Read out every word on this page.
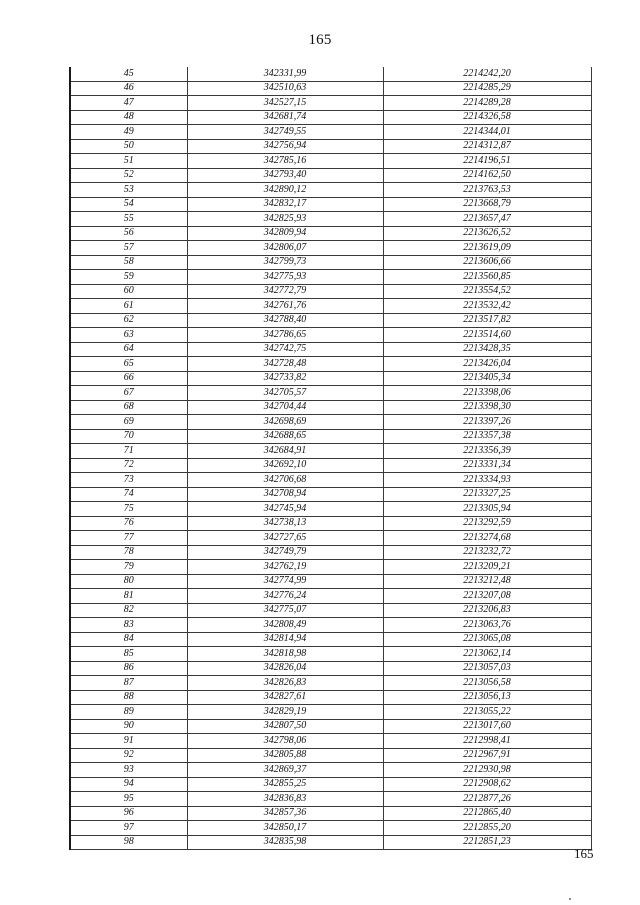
165
45	342331,99	2214242,20
46	342510,63	2214285,29
47	342527,15	2214289,28
48	342681,74	2214326,58
49	342749,55	2214344,01
50	342756,94	2214312,87
51	342785,16	2214196,51
52	342793,40	2214162,50
53	342890,12	2213763,53
54	342832,17	2213668,79
55	342825,93	2213657,47
56	342809,94	2213626,52
57	342806,07	2213619,09
58	342799,73	2213606,66
59	342775,93	2213560,85
60	342772,79	2213554,52
61	342761,76	2213532,42
62	342788,40	2213517,82
63	342786,65	2213514,60
64	342742,75	2213428,35
65	342728,48	2213426,04
66	342733,82	2213405,34
67	342705,57	2213398,06
68	342704,44	2213398,30
69	342698,69	2213397,26
70	342688,65	2213357,38
71	342684,91	2213356,39
72	342692,10	2213331,34
73	342706,68	2213334,93
74	342708,94	2213327,25
75	342745,94	2213305,94
76	342738,13	2213292,59
77	342727,65	2213274,68
78	342749,79	2213232,72
79	342762,19	2213209,21
80	342774,99	2213212,48
81	342776,24	2213207,08
82	342775,07	2213206,83
83	342808,49	2213063,76
84	342814,94	2213065,08
85	342818,98	2213062,14
86	342826,04	2213057,03
87	342826,83	2213056,58
88	342827,61	2213056,13
89	342829,19	2213055,22
90	342807,50	2213017,60
91	342798,06	2212998,41
92	342805,88	2212967,91
93	342869,37	2212930,98
94	342855,25	2212908,62
95	342836,83	2212877,26
96	342857,36	2212865,40
97	342850,17	2212855,20
98	342835,98	2212851,23
165
